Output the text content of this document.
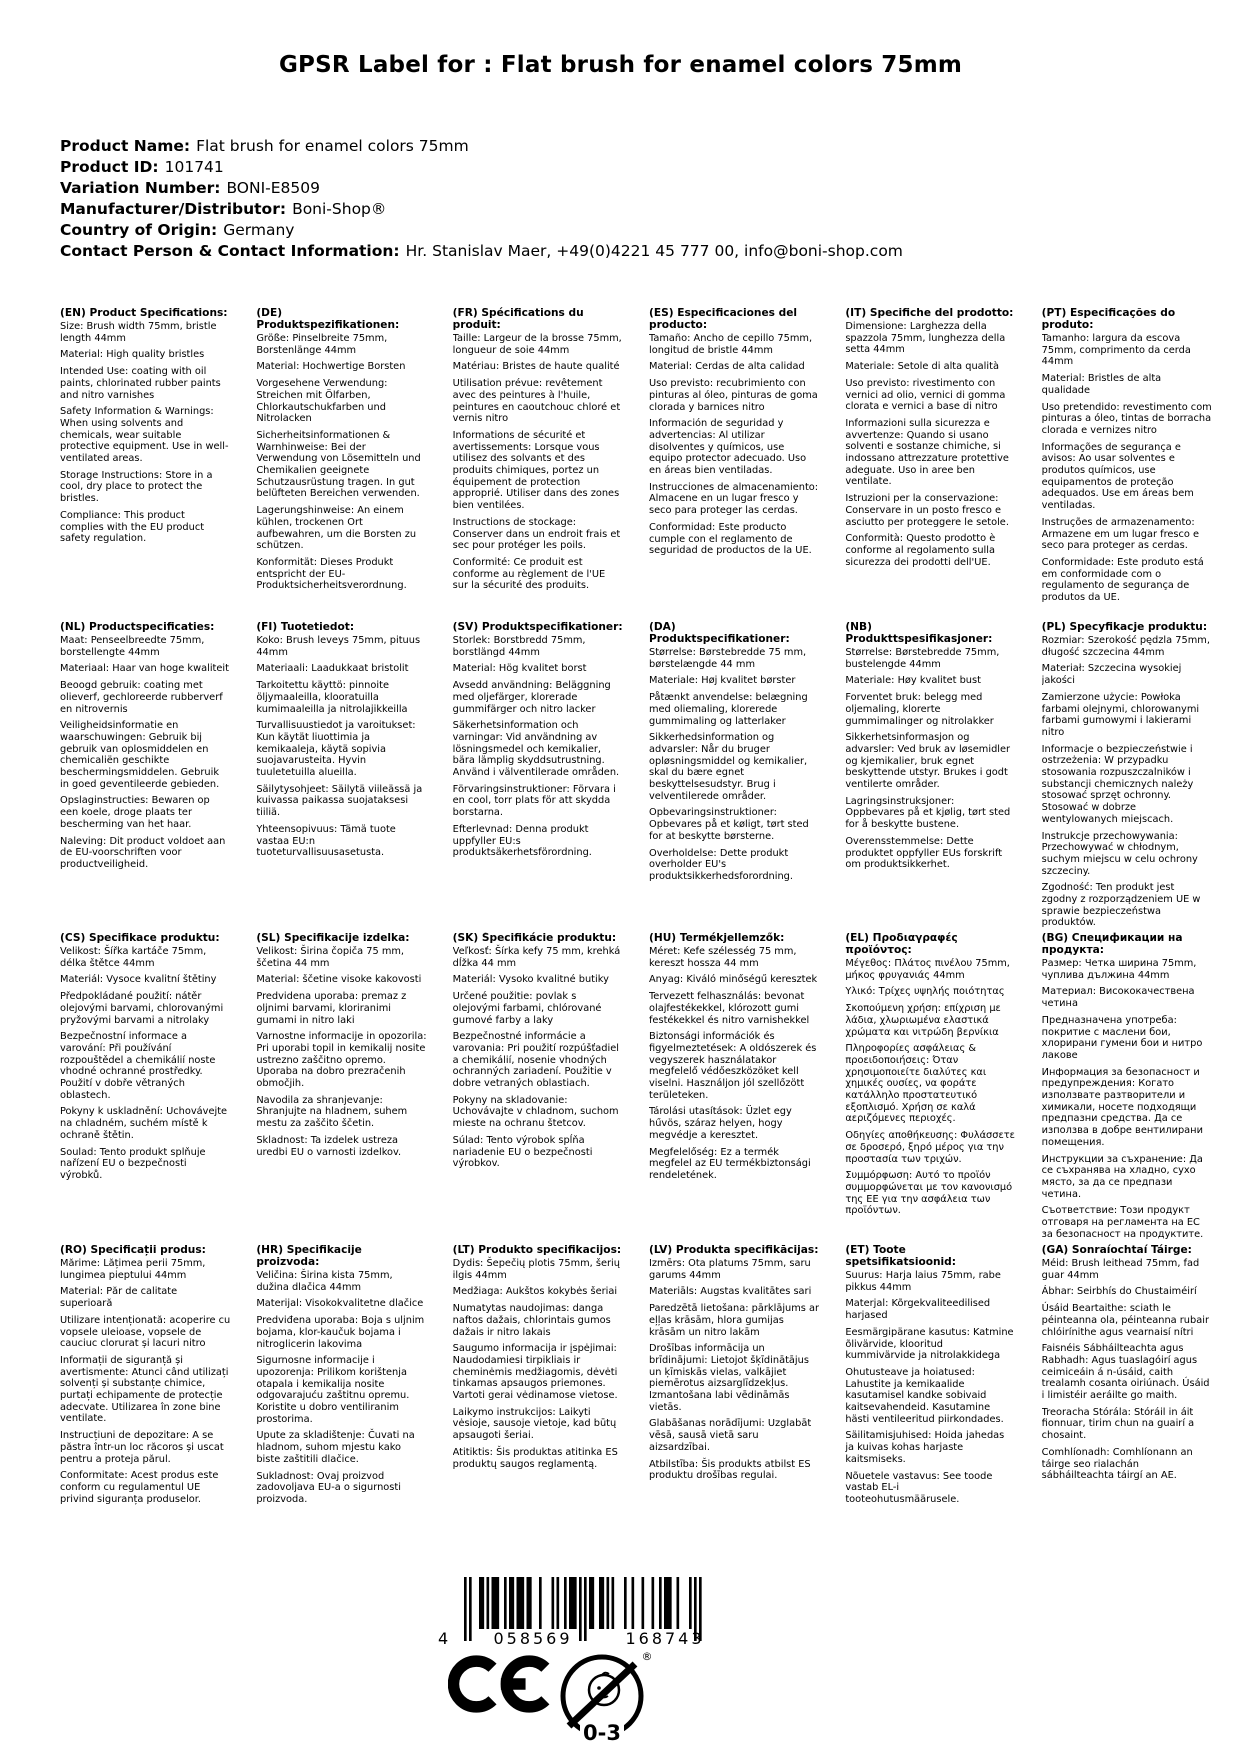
GPSR Label for : Flat brush for enamel colors 75mm
Product Name: Flat brush for enamel colors 75mm
Product ID: 101741
Variation Number: BONI-E8509
Manufacturer/Distributor: Boni-Shop®
Country of Origin: Germany
Contact Person & Contact Information: Hr. Stanislav Maer, +49(0)4221 45 777 00, info@boni-shop.com
(EN) Product Specifications:

Size: Brush width 75mm, bristle length 44mm

Material: High quality bristles

Intended Use: coating with oil paints, chlorinated rubber paints and nitro varnishes

Safety Information & Warnings: When using solvents and chemicals, wear suitable protective equipment. Use in well-ventilated areas.

Storage Instructions: Store in a cool, dry place to protect the bristles.

Compliance: This product complies with the EU product safety regulation.

(DE) Produktspezifikationen:

Größe: Pinselbreite 75mm, Borstenlänge 44mm

Material: Hochwertige Borsten

Vorgesehene Verwendung: Streichen mit Ölfarben, Chlorkautschukfarben und Nitrolacken

Sicherheitsinformationen & Warnhinweise: Bei der Verwendung von Lösemitteln und Chemikalien geeignete Schutzausrüstung tragen. In gut belüfteten Bereichen verwenden.

Lagerungshinweise: An einem kühlen, trockenen Ort aufbewahren, um die Borsten zu schützen.

Konformität: Dieses Produkt entspricht der EU-Produktsicherheitsverordnung.

(FR) Spécifications du produit:

Taille: Largeur de la brosse 75mm, longueur de soie 44mm

Matériau: Bristes de haute qualité

Utilisation prévue: revêtement avec des peintures à l'huile, peintures en caoutchouc chloré et vernis nitro

Informations de sécurité et avertissements: Lorsque vous utilisez des solvants et des produits chimiques, portez un équipement de protection approprié. Utiliser dans des zones bien ventilées.

Instructions de stockage: Conserver dans un endroit frais et sec pour protéger les poils.

Conformité: Ce produit est conforme au règlement de l'UE sur la sécurité des produits.

(ES) Especificaciones del producto:

Tamaño: Ancho de cepillo 75mm, longitud de bristle 44mm

Material: Cerdas de alta calidad

Uso previsto: recubrimiento con pinturas al óleo, pinturas de goma clorada y barnices nitro

Información de seguridad y advertencias: Al utilizar disolventes y químicos, use equipo protector adecuado. Uso en áreas bien ventiladas.

Instrucciones de almacenamiento: Almacene en un lugar fresco y seco para proteger las cerdas.

Conformidad: Este producto cumple con el reglamento de seguridad de productos de la UE.

(IT) Specifiche del prodotto:

Dimensione: Larghezza della spazzola 75mm, lunghezza della setta 44mm

Materiale: Setole di alta qualità

Uso previsto: rivestimento con vernici ad olio, vernici di gomma clorata e vernici a base di nitro

Informazioni sulla sicurezza e avvertenze: Quando si usano solventi e sostanze chimiche, si indossano attrezzature protettive adeguate. Uso in aree ben ventilate.

Istruzioni per la conservazione: Conservare in un posto fresco e asciutto per proteggere le setole.

Conformità: Questo prodotto è conforme al regolamento sulla sicurezza dei prodotti dell'UE.

(PT) Especificações do produto:

Tamanho: largura da escova 75mm, comprimento da cerda 44mm

Material: Bristles de alta qualidade

Uso pretendido: revestimento com pinturas a óleo, tintas de borracha clorada e vernizes nitro

Informações de segurança e avisos: Ao usar solventes e produtos químicos, use equipamentos de proteção adequados. Use em áreas bem ventiladas.

Instruções de armazenamento: Armazene em um lugar fresco e seco para proteger as cerdas.

Conformidade: Este produto está em conformidade com o regulamento de segurança de produtos da UE.

(NL) Productspecificaties:

Maat: Penseelbreedte 75mm, borstellengte 44mm

Materiaal: Haar van hoge kwaliteit

Beoogd gebruik: coating met olieverf, gechloreerde rubberverf en nitrovernis

Veiligheidsinformatie en waarschuwingen: Gebruik bij gebruik van oplosmiddelen en chemicaliën geschikte beschermingsmiddelen. Gebruik in goed geventileerde gebieden.

Opslaginstructies: Bewaren op een koele, droge plaats ter bescherming van het haar.

Naleving: Dit product voldoet aan de EU-voorschriften voor productveiligheid.

(FI) Tuotetiedot:

Koko: Brush leveys 75mm, pituus 44mm

Materiaali: Laadukkaat bristolit

Tarkoitettu käyttö: pinnoite öljymaaleilla, klooratuilla kumimaaleilla ja nitrolajikkeilla

Turvallisuustiedot ja varoitukset: Kun käytät liuottimia ja kemikaaleja, käytä sopivia suojavarusteita. Hyvin tuuletetuilla alueilla.

Säilytysohjeet: Säilytä viileässä ja kuivassa paikassa suojataksesi tiiliä.

Yhteensopivuus: Tämä tuote vastaa EU:n tuoteturvallisuusasetusta.

(SV) Produktspecifikationer:

Storlek: Borstbredd 75mm, borstlängd 44mm

Material: Hög kvalitet borst

Avsedd användning: Beläggning med oljefärger, klorerade gummifärger och nitro lacker

Säkerhetsinformation och varningar: Vid användning av lösningsmedel och kemikalier, bära lämplig skyddsutrustning. Använd i välventilerade områden.

Förvaringsinstruktioner: Förvara i en cool, torr plats för att skydda borstarna.

Efterlevnad: Denna produkt uppfyller EU:s produktsäkerhetsförordning.

(DA) Produktspecifikationer:

Størrelse: Børstebredde 75 mm, børstelængde 44 mm

Materiale: Høj kvalitet børster

Påtænkt anvendelse: belægning med oliemaling, klorerede gummimaling og latterlaker

Sikkerhedsinformation og advarsler: Når du bruger opløsningsmiddel og kemikalier, skal du bære egnet beskyttelsesudstyr. Brug i velventilerede områder.

Opbevaringsinstruktioner: Opbevares på et køligt, tørt sted for at beskytte børsterne.

Overholdelse: Dette produkt overholder EU's produktsikkerhedsforordning.

(NB) Produkttspesifikasjoner:

Størrelse: Børstebredde 75mm, bustelengde 44mm

Materiale: Høy kvalitet bust

Forventet bruk: belegg med oljemaling, klorerte gummimalinger og nitrolakker

Sikkerhetsinformasjon og advarsler: Ved bruk av løsemidler og kjemikalier, bruk egnet beskyttende utstyr. Brukes i godt ventilerte områder.

Lagringsinstruksjoner: Oppbevares på et kjølig, tørt sted for å beskytte bustene.

Overensstemmelse: Dette produktet oppfyller EUs forskrift om produktsikkerhet.

(PL) Specyfikacje produktu:

Rozmiar: Szerokość pędzla 75mm, długość szczecina 44mm

Materiał: Szczecina wysokiej jakości

Zamierzone użycie: Powłoka farbami olejnymi, chlorowanymi farbami gumowymi i lakierami nitro

Informacje o bezpieczeństwie i ostrzeżenia: W przypadku stosowania rozpuszczalników i substancji chemicznych należy stosować sprzęt ochronny. Stosować w dobrze wentylowanych miejscach.

Instrukcje przechowywania: Przechowywać w chłodnym, suchym miejscu w celu ochrony szczeciny.

Zgodność: Ten produkt jest zgodny z rozporządzeniem UE w sprawie bezpieczeństwa produktów.

(CS) Specifikace produktu:

Velikost: Šířka kartáče 75mm, délka štětce 44mm

Materiál: Vysoce kvalitní štětiny

Předpokládané použití: nátěr olejovými barvami, chlorovanými pryžovými barvami a nitrolaky

Bezpečnostní informace a varování: Při používání rozpouštědel a chemikálií noste vhodné ochranné prostředky. Použití v dobře větraných oblastech.

Pokyny k uskladnění: Uchovávejte na chladném, suchém místě k ochraně štětin.

Soulad: Tento produkt splňuje nařízení EU o bezpečnosti výrobků.

(SL) Specifikacije izdelka:

Velikost: Širina čopiča 75 mm, ščetina 44 mm

Material: ščetine visoke kakovosti

Predvidena uporaba: premaz z oljnimi barvami, kloriranimi gumami in nitro laki

Varnostne informacije in opozorila: Pri uporabi topil in kemikalij nosite ustrezno zaščitno opremo. Uporaba na dobro prezračenih območjih.

Navodila za shranjevanje: Shranjujte na hladnem, suhem mestu za zaščito ščetin.

Skladnost: Ta izdelek ustreza uredbi EU o varnosti izdelkov.

(SK) Špecifikácie produktu:

Veľkosť: Šírka kefy 75 mm, krehká dĺžka 44 mm

Materiál: Vysoko kvalitné butiky

Určené použitie: povlak s olejovými farbami, chlórované gumové farby a laky

Bezpečnostné informácie a varovania: Pri použití rozpúšťadiel a chemikálií, nosenie vhodných ochranných zariadení. Použitie v dobre vetraných oblastiach.

Pokyny na skladovanie: Uchovávajte v chladnom, suchom mieste na ochranu štetcov.

Súlad: Tento výrobok spĺňa nariadenie EU o bezpečnosti výrobkov.

(HU) Termékjellemzők:

Méret: Kefe szélesség 75 mm, kereszt hossza 44 mm

Anyag: Kiváló minőségű keresztek

Tervezett felhasználás: bevonat olajfestékekkel, klórozott gumi festékekkel és nitro varnishekkel

Biztonsági információk és figyelmeztetések: A oldószerek és vegyszerek használatakor megfelelő védőeszközöket kell viselni. Használjon jól szellőzött területeken.

Tárolási utasítások: Üzlet egy hűvös, száraz helyen, hogy megvédje a keresztet.

Megfelelőség: Ez a termék megfelel az EU termékbiztonsági rendeletének.

(EL) Προδιαγραφές προϊόντος:

Μέγεθος: Πλάτος πινέλου 75mm, μήκος φρυγανιάς 44mm

Υλικό: Τρίχες υψηλής ποιότητας

Σκοπούμενη χρήση: επίχριση με λάδια, χλωριωμένα ελαστικά χρώματα και νιτρώδη βερνίκια

Πληροφορίες ασφάλειας & προειδοποιήσεις: Όταν χρησιμοποιείτε διαλύτες και χημικές ουσίες, να φοράτε κατάλληλο προστατευτικό εξοπλισμό. Χρήση σε καλά αεριζόμενες περιοχές.

Οδηγίες αποθήκευσης: Φυλάσσετε σε δροσερό, ξηρό μέρος για την προστασία των τριχών.

Συμμόρφωση: Αυτό το προϊόν συμμορφώνεται με τον κανονισμό της ΕΕ για την ασφάλεια των προϊόντων.

(BG) Спецификации на продукта:

Размер: Четка ширина 75mm, чуплива дължина 44mm

Материал: Висококачествена четина

Предназначена употреба: покритие с маслени бои, хлорирани гумени бои и нитро лакове

Информация за безопасност и предупреждения: Когато използвате разтворители и химикали, носете подходящи предпазни средства. Да се използва в добре вентилирани помещения.

Инструкции за съхранение: Да се съхранява на хладно, сухо място, за да се предпази четина.

Съответствие: Този продукт отговаря на регламента на ЕС за безопасност на продуктите.

(RO) Specificații produs:

Mărime: Lățimea perii 75mm, lungimea pieptului 44mm

Material: Păr de calitate superioară

Utilizare intenționată: acoperire cu vopsele uleioase, vopsele de cauciuc clorurat și lacuri nitro

Informații de siguranță și avertismente: Atunci când utilizați solvenți și substanțe chimice, purtați echipamente de protecție adecvate. Utilizarea în zone bine ventilate.

Instrucțiuni de depozitare: A se păstra într-un loc răcoros și uscat pentru a proteja părul.

Conformitate: Acest produs este conform cu regulamentul UE privind siguranța produselor.

(HR) Specifikacije proizvoda:

Veličina: Širina kista 75mm, dužina dlačica 44mm

Materijal: Visokokvalitetne dlačice

Predviđena uporaba: Boja s uljnim bojama, klor-kaučuk bojama i nitroglicerin lakovima

Sigurnosne informacije i upozorenja: Prilikom korištenja otapala i kemikalija nosite odgovarajuću zaštitnu opremu. Koristite u dobro ventiliranim prostorima.

Upute za skladištenje: Čuvati na hladnom, suhom mjestu kako biste zaštitili dlačice.

Sukladnost: Ovaj proizvod zadovoljava EU-a o sigurnosti proizvoda.

(LT) Produkto specifikacijos:

Dydis: Šepečių plotis 75mm, šerių ilgis 44mm

Medžiaga: Aukštos kokybės šeriai

Numatytas naudojimas: danga naftos dažais, chlorintais gumos dažais ir nitro lakais

Saugumo informacija ir įspėjimai: Naudodamiesi tirpikliais ir cheminėmis medžiagomis, dėvėti tinkamas apsaugos priemones. Vartoti gerai vėdinamose vietose.

Laikymo instrukcijos: Laikyti vėsioje, sausoje vietoje, kad būtų apsaugoti šeriai.

Atitiktis: Šis produktas atitinka ES produktų saugos reglamentą.

(LV) Produkta specifikācijas:

Izmērs: Ota platums 75mm, saru garums 44mm

Materiāls: Augstas kvalitātes sari

Paredzētā lietošana: pārklājums ar eļļas krāsām, hlora gumijas krāsām un nitro lakām

Drošības informācija un brīdinājumi: Lietojot šķīdinātājus un ķīmiskās vielas, valkājiet piemērotus aizsarglīdzekļus. Izmantošana labi vēdināmās vietās.

Glabāšanas norādījumi: Uzglabāt vēsā, sausā vietā saru aizsardzībai.

Atbilstība: Šis produkts atbilst ES produktu drošības regulai.

(ET) Toote spetsifikatsioonid:

Suurus: Harja laius 75mm, rabe pikkus 44mm

Materjal: Kõrgekvaliteedilised harjased

Eesmärgipärane kasutus: Katmine õlivärvide, klooritud kummivärvide ja nitrolakkidega

Ohutusteave ja hoiatused: Lahustite ja kemikaalide kasutamisel kandke sobivaid kaitsevahendeid. Kasutamine hästi ventileeritud piirkondades.

Säilitamisjuhised: Hoida jahedas ja kuivas kohas harjaste kaitsmiseks.

Nõuetele vastavus: See toode vastab EL-i tooteohutusmäärusele.

(GA) Sonraíochtaí Táirge:

Méid: Brush leithead 75mm, fad guar 44mm

Ábhar: Seirbhís do Chustaiméirí

Úsáid Beartaithe: sciath le péinteanna ola, péinteanna rubair chlóirínithe agus vearnaisí nítri

Faisnéis Sábháilteachta agus Rabhadh: Agus tuaslagóirí agus ceimiceáin á n-úsáid, caith trealamh cosanta oiriúnach. Úsáid i limistéir aeráilte go maith.

Treoracha Stórála: Stóráil in áit fionnuar, tirim chun na guairí a chosaint.

Comhlíonadh: Comhlíonann an táirge seo rialachán sábháilteachta táirgí an AE.

4	058569	168743
0-3
®
